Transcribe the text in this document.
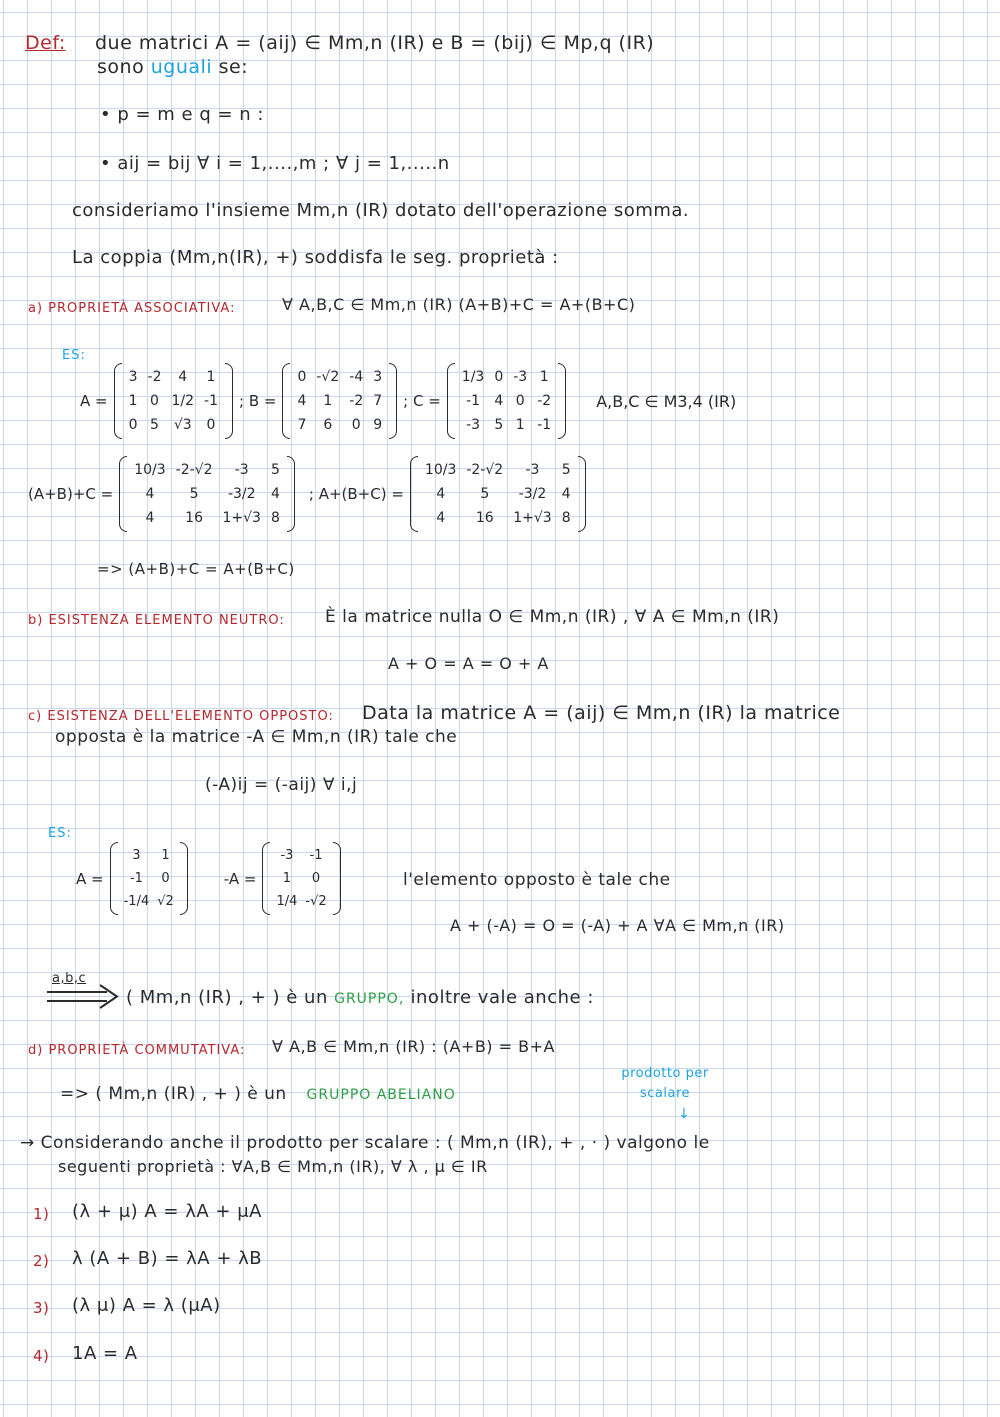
Def: due matrici A = (aij) ∈ Mm,n (IR) e B = (bij) ∈ Mp,q (IR)
sono uguali se:
• p = m e q = n :
• aij = bij ∀ i = 1,....,m ; ∀ j = 1,.....n
consideriamo l'insieme Mm,n (IR) dotato dell'operazione somma.
La coppia (Mm,n(IR), +) soddisfa le seg. proprietà :
a) PROPRIETÀ ASSOCIATIVA:	∀ A,B,C ∈ Mm,n (IR) (A+B)+C = A+(B+C)
ES:
A =
3	-2	4	1
1	0	1/2	-1
0	5	√3	0
; B =
0	-√2	-4	3
4	1	-2	7
7	6	0	9
; C =
1/3	0	-3	1
-1	4	0	-2
-3	5	1	-1
A,B,C ∈ M3,4 (IR)
(A+B)+C =
10/3	-2-√2	-3	5
4	5	-3/2	4
4	16	1+√3	8
; A+(B+C) =
10/3	-2-√2	-3	5
4	5	-3/2	4
4	16	1+√3	8
=> (A+B)+C = A+(B+C)
b) ESISTENZA ELEMENTO NEUTRO: È la matrice nulla O ∈ Mm,n (IR) , ∀ A ∈ Mm,n (IR)
A + O = A = O + A
c) ESISTENZA DELL'ELEMENTO OPPOSTO: Data la matrice A = (aij) ∈ Mm,n (IR) la matrice
opposta è la matrice -A ∈ Mm,n (IR) tale che
(-A)ij = (-aij) ∀ i,j
ES:
A =
3	1
-1	0
-1/4	√2
-A =
-3	-1
1	0
1/4	-√2
l'elemento opposto è tale che
A + (-A) = O = (-A) + A ∀A ∈ Mm,n (IR)
a,b,c
( Mm,n (IR) , + ) è un GRUPPO, inoltre vale anche :
d) PROPRIETÀ COMMUTATIVA: ∀ A,B ∈ Mm,n (IR) : (A+B) = B+A
=> ( Mm,n (IR) , + ) è un GRUPPO ABELIANO
prodotto per scalare
↓
→ Considerando anche il prodotto per scalare : ( Mm,n (IR), + , · ) valgono le
seguenti proprietà : ∀A,B ∈ Mm,n (IR), ∀ λ , μ ∈ IR
1) (λ + μ) A = λA + μA
2) λ (A + B) = λA + λB
3) (λ μ) A = λ (μA)
4) 1A = A
